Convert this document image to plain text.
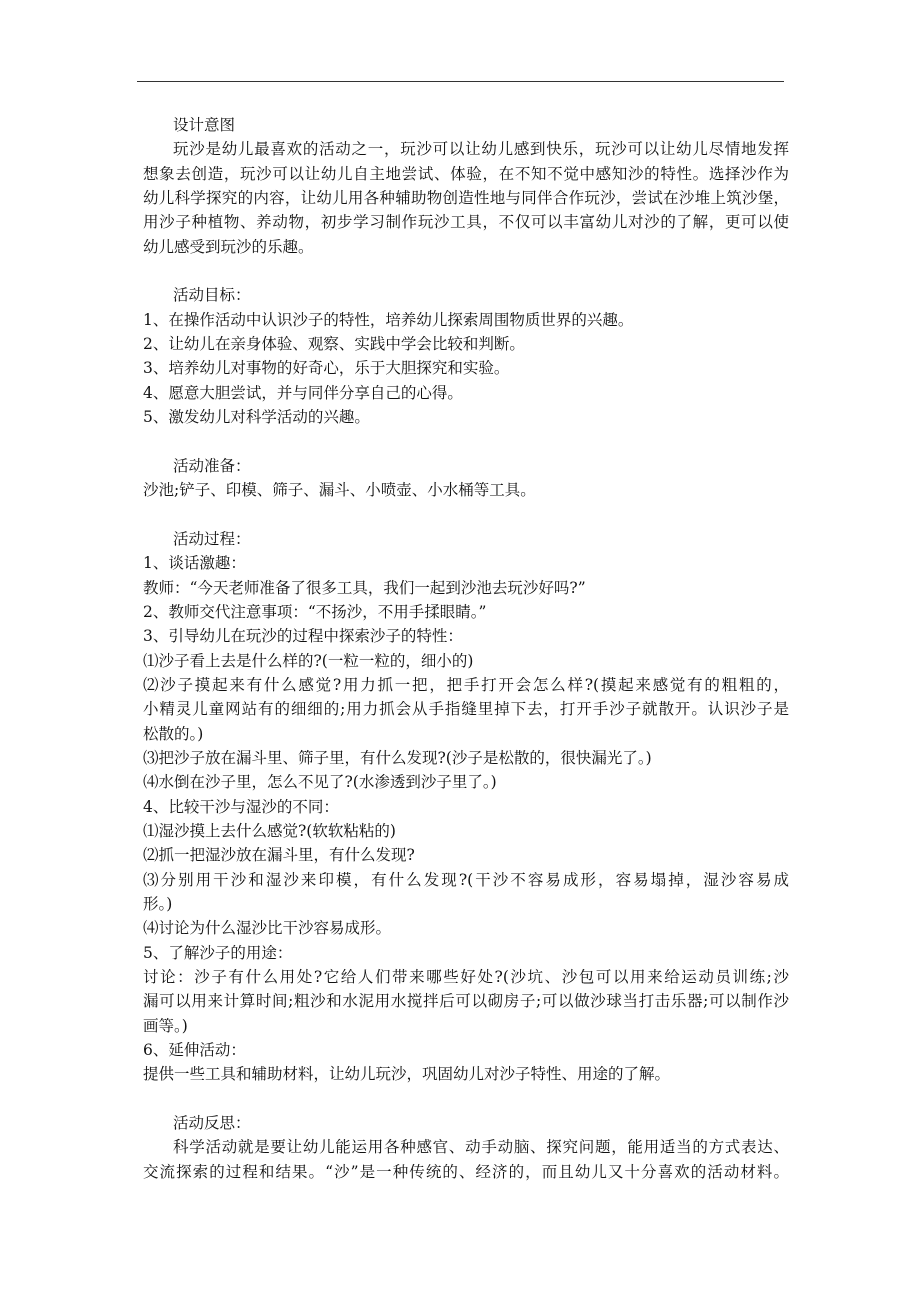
设计意图
玩沙是幼儿最喜欢的活动之一，玩沙可以让幼儿感到快乐，玩沙可以让幼儿尽情地发挥
想象去创造，玩沙可以让幼儿自主地尝试、体验，在不知不觉中感知沙的特性。选择沙作为
幼儿科学探究的内容，让幼儿用各种辅助物创造性地与同伴合作玩沙，尝试在沙堆上筑沙堡，
用沙子种植物、养动物，初步学习制作玩沙工具，不仅可以丰富幼儿对沙的了解，更可以使
幼儿感受到玩沙的乐趣。
活动目标：
1、在操作活动中认识沙子的特性，培养幼儿探索周围物质世界的兴趣。
2、让幼儿在亲身体验、观察、实践中学会比较和判断。
3、培养幼儿对事物的好奇心，乐于大胆探究和实验。
4、愿意大胆尝试，并与同伴分享自己的心得。
5、激发幼儿对科学活动的兴趣。
活动准备：
沙池;铲子、印模、筛子、漏斗、小喷壶、小水桶等工具。
活动过程：
1、谈话激趣：
教师：“今天老师准备了很多工具，我们一起到沙池去玩沙好吗?”
2、教师交代注意事项：“不扬沙，不用手揉眼睛。”
3、引导幼儿在玩沙的过程中探索沙子的特性：
⑴沙子看上去是什么样的?(一粒一粒的，细小的)
⑵沙子摸起来有什么感觉?用力抓一把，把手打开会怎么样?(摸起来感觉有的粗粗的，
小精灵儿童网站有的细细的;用力抓会从手指缝里掉下去，打开手沙子就散开。认识沙子是
松散的。)
⑶把沙子放在漏斗里、筛子里，有什么发现?(沙子是松散的，很快漏光了。)
⑷水倒在沙子里，怎么不见了?(水渗透到沙子里了。)
4、比较干沙与湿沙的不同：
⑴湿沙摸上去什么感觉?(软软粘粘的)
⑵抓一把湿沙放在漏斗里，有什么发现?
⑶分别用干沙和湿沙来印模，有什么发现?(干沙不容易成形，容易塌掉，湿沙容易成
形。)
⑷讨论为什么湿沙比干沙容易成形。
5、了解沙子的用途：
讨论：沙子有什么用处?它给人们带来哪些好处?(沙坑、沙包可以用来给运动员训练;沙
漏可以用来计算时间;粗沙和水泥用水搅拌后可以砌房子;可以做沙球当打击乐器;可以制作沙
画等。)
6、延伸活动：
提供一些工具和辅助材料，让幼儿玩沙，巩固幼儿对沙子特性、用途的了解。
活动反思：
科学活动就是要让幼儿能运用各种感官、动手动脑、探究问题，能用适当的方式表达、
交流探索的过程和结果。“沙”是一种传统的、经济的，而且幼儿又十分喜欢的活动材料。
